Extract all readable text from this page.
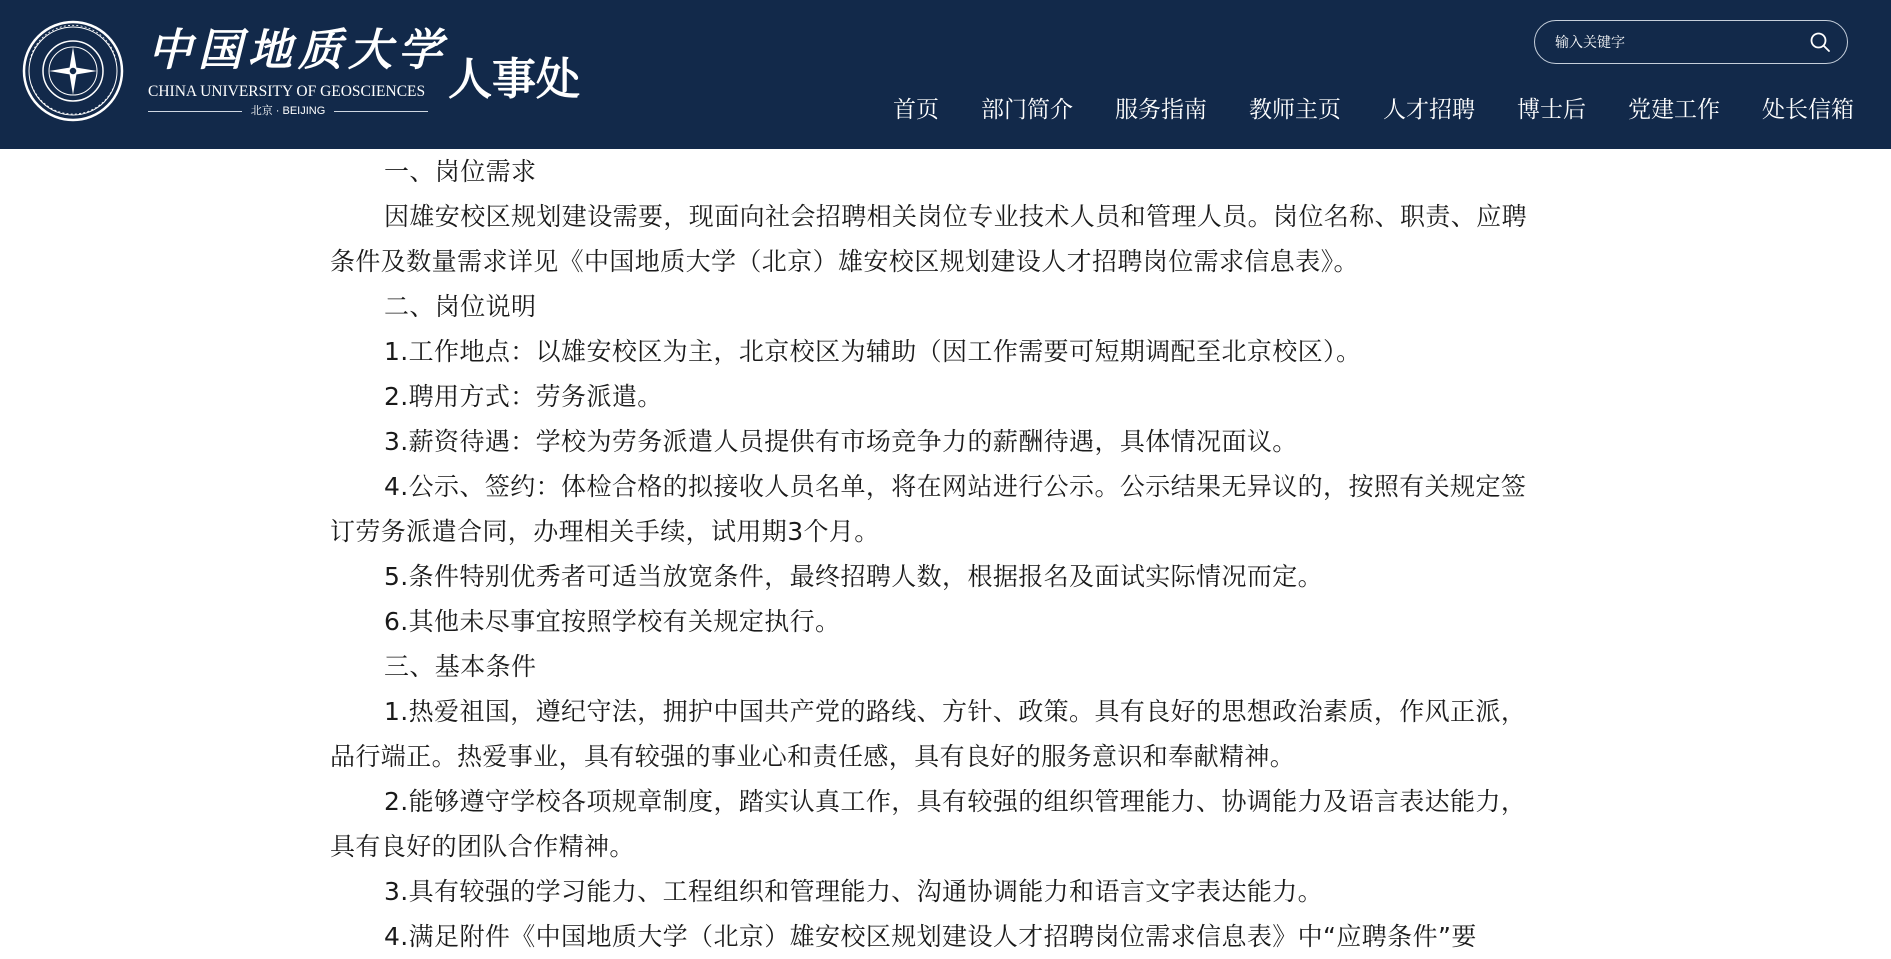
中国地质大学
CHINA UNIVERSITY OF GEOSCIENCES
北京 · BEIJING
人事处
输入关键字
首页	部门简介	服务指南	教师主页	人才招聘	博士后	党建工作	处长信箱

一、岗位需求

因雄安校区规划建设需要，现面向社会招聘相关岗位专业技术人员和管理人员。岗位名称、职责、应聘条件及数量需求详见《中国地质大学（北京）雄安校区规划建设人才招聘岗位需求信息表》。

二、岗位说明

1.工作地点：以雄安校区为主，北京校区为辅助（因工作需要可短期调配至北京校区）。

2.聘用方式：劳务派遣。

3.薪资待遇：学校为劳务派遣人员提供有市场竞争力的薪酬待遇，具体情况面议。

4.公示、签约：体检合格的拟接收人员名单，将在网站进行公示。公示结果无异议的，按照有关规定签订劳务派遣合同，办理相关手续，试用期3个月。

5.条件特别优秀者可适当放宽条件，最终招聘人数，根据报名及面试实际情况而定。

6.其他未尽事宜按照学校有关规定执行。

三、基本条件

1.热爱祖国，遵纪守法，拥护中国共产党的路线、方针、政策。具有良好的思想政治素质，作风正派，品行端正。热爱事业，具有较强的事业心和责任感，具有良好的服务意识和奉献精神。

2.能够遵守学校各项规章制度，踏实认真工作，具有较强的组织管理能力、协调能力及语言表达能力，具有良好的团队合作精神。

3.具有较强的学习能力、工程组织和管理能力、沟通协调能力和语言文字表达能力。

4.满足附件《中国地质大学（北京）雄安校区规划建设人才招聘岗位需求信息表》中“应聘条件”要
